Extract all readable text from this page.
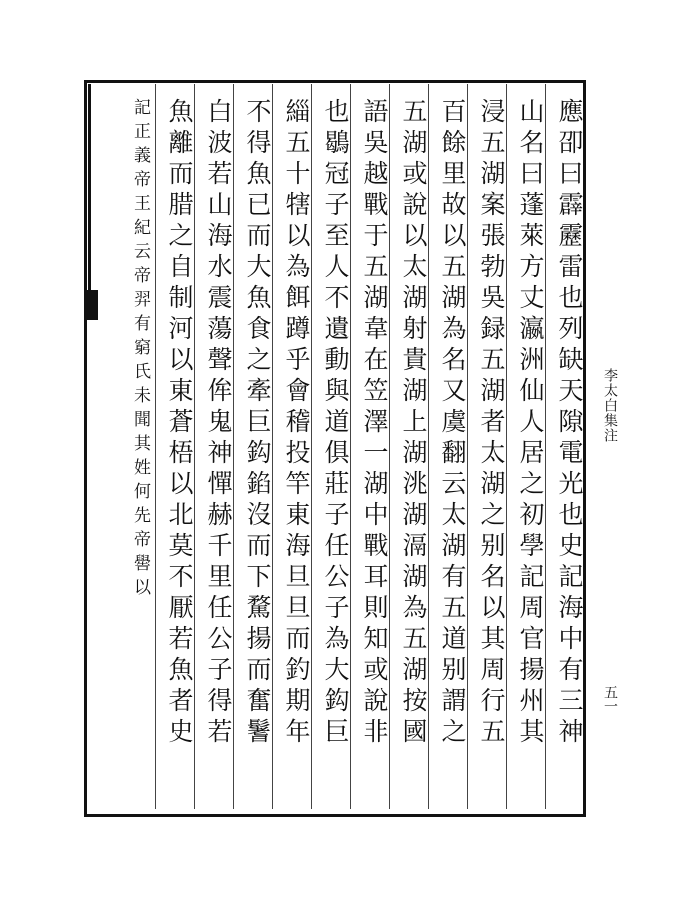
應卲曰霹靂雷也列缺天隙電光也史記海中有三神
山名曰蓬萊方丈瀛洲仙人居之初學記周官揚州其
浸五湖案張勃吳録五湖者太湖之别名以其周行五
百餘里故以五湖為名又虞翻云太湖有五道别謂之
五湖或說以太湖射貴湖上湖洮湖滆湖為五湖按國
語吳越戰于五湖韋在笠澤一湖中戰耳則知或說非
也鶡冠子至人不遺動與道俱莊子任公子為大鈎巨
緇五十犗以為餌蹲乎會稽投竿東海旦旦而釣期年
不得魚已而大魚食之牽巨鈎錎沒而下騖揚而奮鬐
白波若山海水震蕩聲侔鬼神憚赫千里任公子得若
魚離而腊之自制河以東蒼梧以北莫不厭若魚者史
記正義帝王紀云帝羿有窮氏未聞其姓何先帝嚳以	李太白集注
五一
